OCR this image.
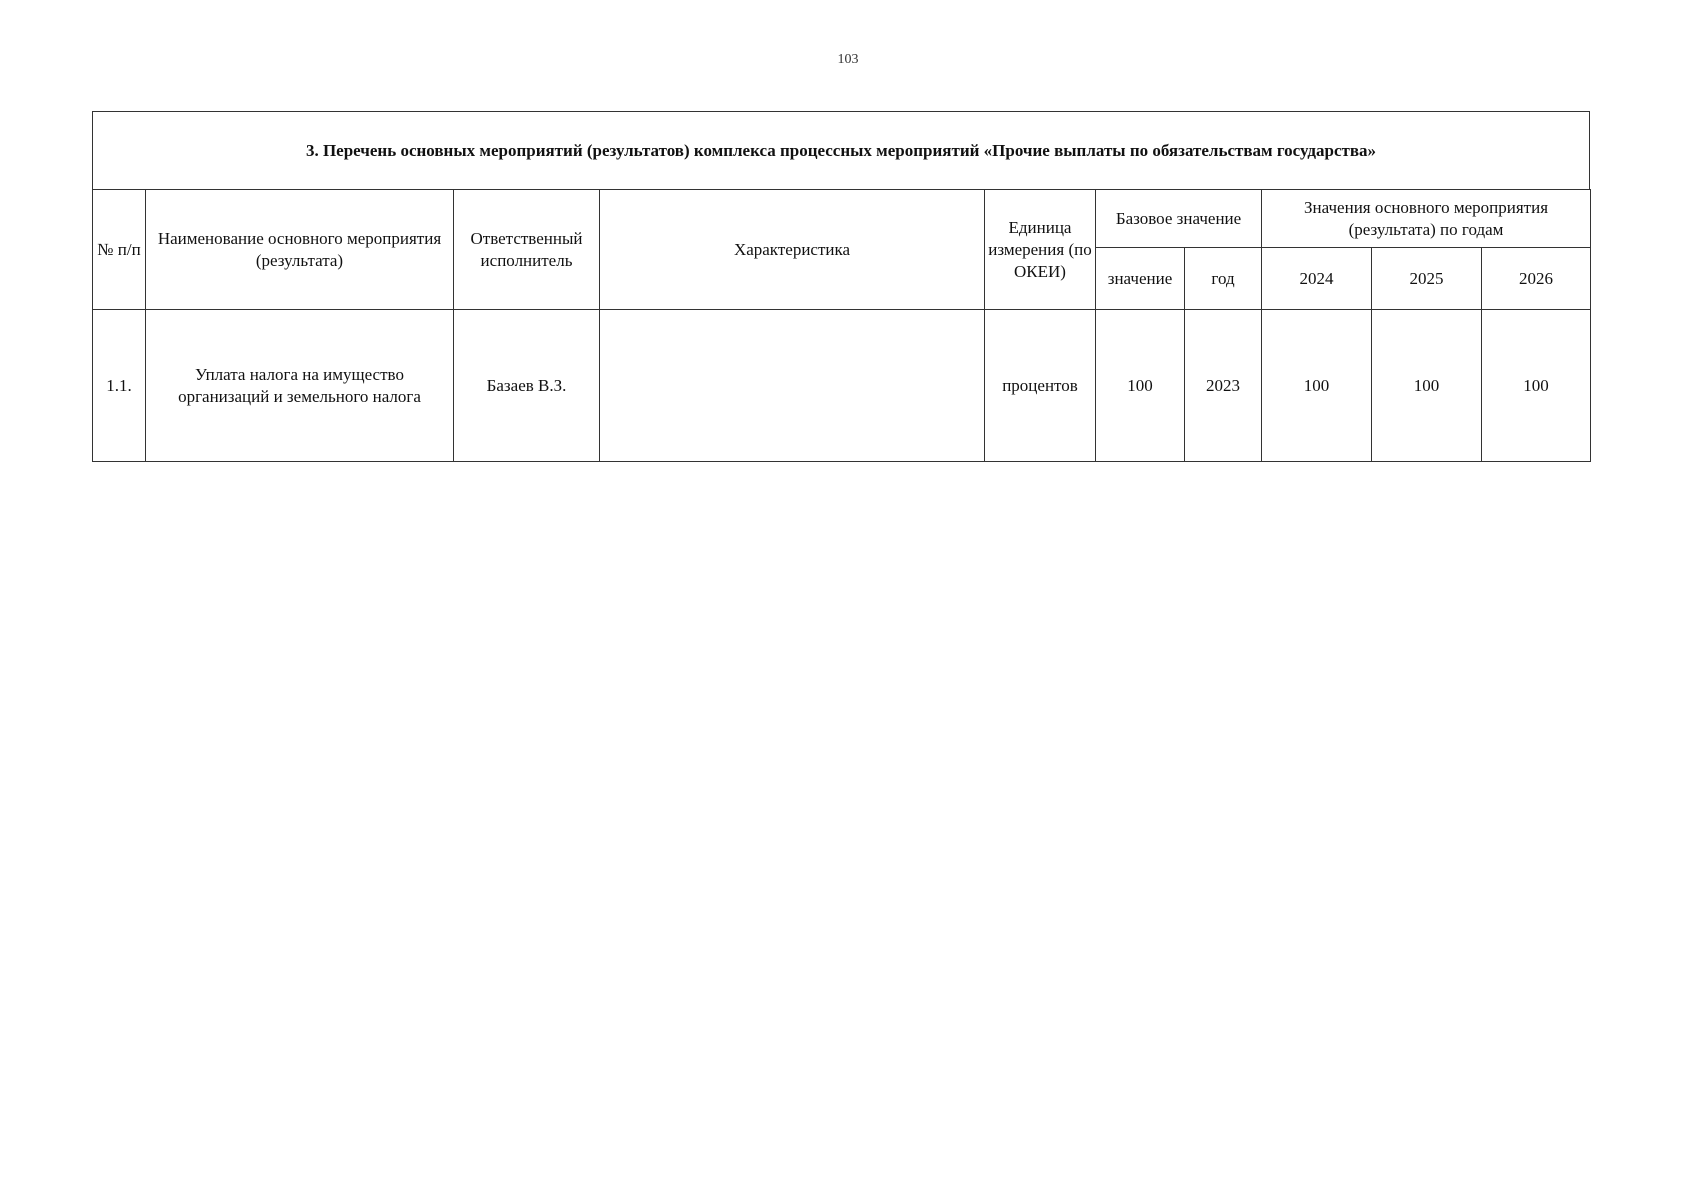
103
3. Перечень основных мероприятий (результатов) комплекса процессных мероприятий «Прочие выплаты по обязательствам государства»
№ п/п	Наименование основного мероприятия (результата)	Ответственный исполнитель	Характеристика	Единица измерения (по ОКЕИ)	Базовое значение		Значения основного мероприятия (результата) по годам		
					значение	год	2024	2025	2026
1.1.	Уплата налога на имущество организаций и земельного налога	Базаев В.З.		процентов	100	2023	100	100	100
